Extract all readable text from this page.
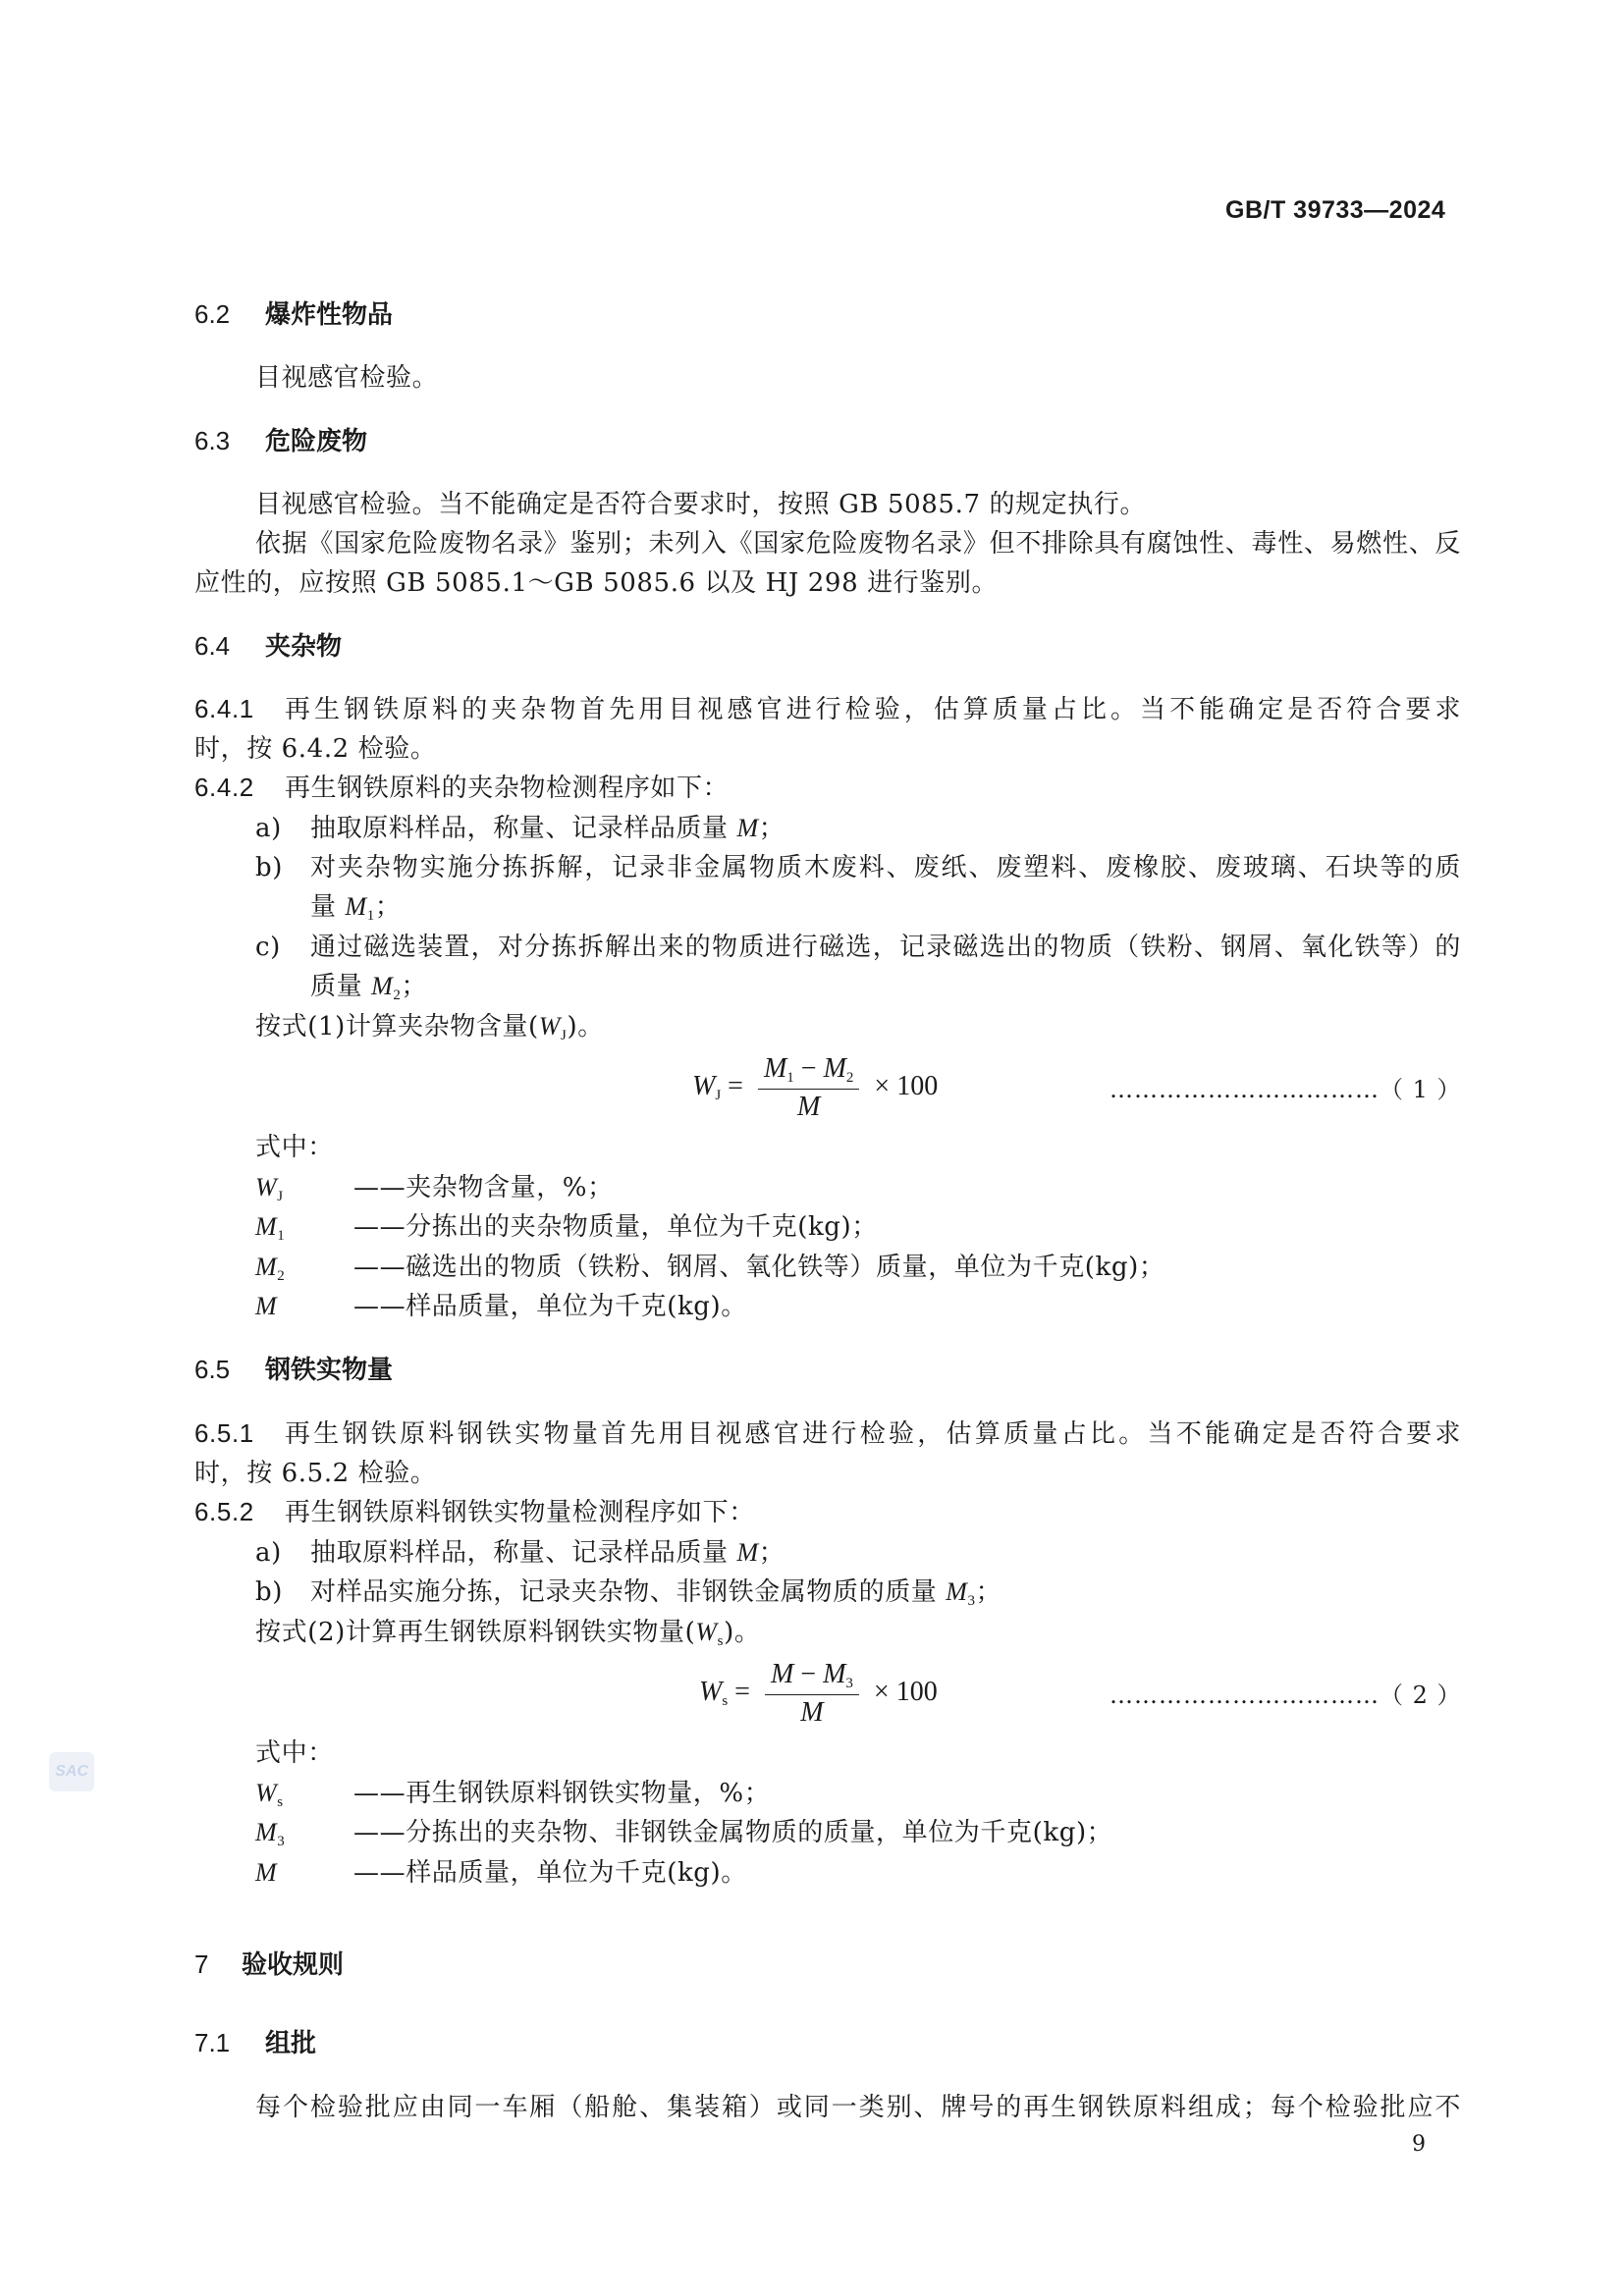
GB/T 39733—2024
6.2 爆炸性物品
目视感官检验。
6.3 危险废物
目视感官检验。当不能确定是否符合要求时，按照 GB 5085.7 的规定执行。
依据《国家危险废物名录》鉴别；未列入《国家危险废物名录》但不排除具有腐蚀性、毒性、易燃性、反
应性的，应按照 GB 5085.1～GB 5085.6 以及 HJ 298 进行鉴别。
6.4 夹杂物
6.4.1 再生钢铁原料的夹杂物首先用目视感官进行检验，估算质量占比。当不能确定是否符合要求
时，按 6.4.2 检验。
6.4.2 再生钢铁原料的夹杂物检测程序如下：
a) 抽取原料样品，称量、记录样品质量 M；
b) 对夹杂物实施分拣拆解，记录非金属物质木废料、废纸、废塑料、废橡胶、废玻璃、石块等的质
量 $M_1$；
c) 通过磁选装置，对分拣拆解出来的物质进行磁选，记录磁选出的物质（铁粉、钢屑、氧化铁等）的
质量 $M_2$；
按式(1)计算夹杂物含量$(W_J)$。
$W_J = \frac{M_1 - M_2}{M} \times 100$	……………………………（ 1 ）
式中：
$W_J$	——夹杂物含量，%；
$M_1$	——分拣出的夹杂物质量，单位为千克(kg)；
$M_2$	——磁选出的物质（铁粉、钢屑、氧化铁等）质量，单位为千克(kg)；
M	——样品质量，单位为千克(kg)。
6.5 钢铁实物量
6.5.1 再生钢铁原料钢铁实物量首先用目视感官进行检验，估算质量占比。当不能确定是否符合要求
时，按 6.5.2 检验。
6.5.2 再生钢铁原料钢铁实物量检测程序如下：
a) 抽取原料样品，称量、记录样品质量 M；
b) 对样品实施分拣，记录夹杂物、非钢铁金属物质的质量 $M_3$；
按式(2)计算再生钢铁原料钢铁实物量$(W_s)$。
$W_s = \frac{M - M_3}{M} \times 100$	……………………………（ 2 ）
式中：
$W_s$	——再生钢铁原料钢铁实物量，%；
$M_3$	——分拣出的夹杂物、非钢铁金属物质的质量，单位为千克(kg)；
M	——样品质量，单位为千克(kg)。
7 验收规则
7.1 组批
每个检验批应由同一车厢（船舱、集装箱）或同一类别、牌号的再生钢铁原料组成；每个检验批应不
9
SAC
